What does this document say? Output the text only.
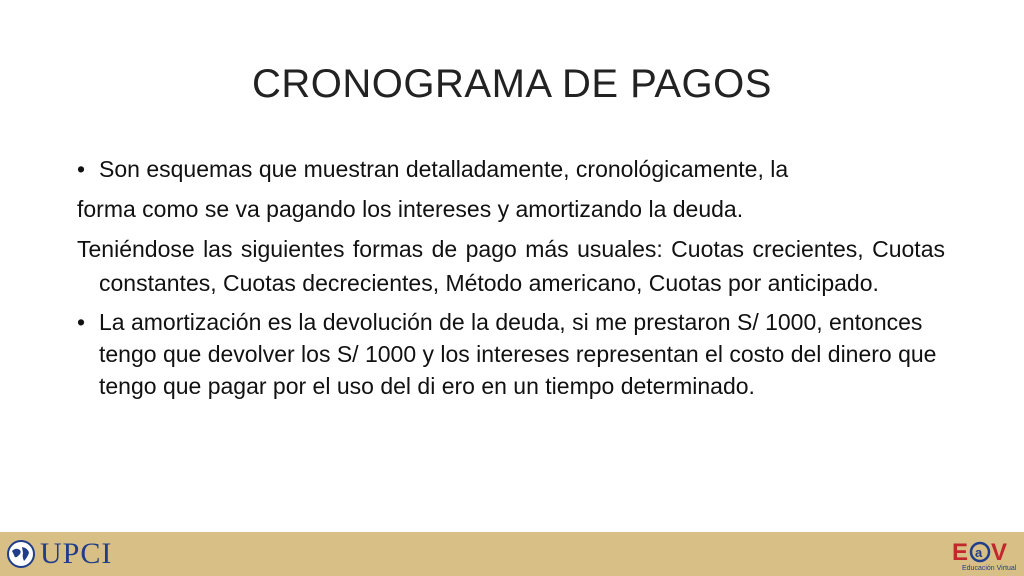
CRONOGRAMA DE PAGOS
• Son esquemas que muestran detalladamente, cronológicamente, la
forma como se va pagando los intereses y amortizando la deuda.
Teniéndose las siguientes formas de pago más usuales: Cuotas crecientes, Cuotas constantes, Cuotas decrecientes, Método americano, Cuotas por anticipado.
• La amortización es la devolución de la deuda, si me prestaron S/ 1000, entonces tengo que devolver los S/ 1000 y los intereses representan el costo del dinero que tengo que pagar por el uso del di ero en un tiempo determinado.
UPCI	E a V
Educación Virtual
